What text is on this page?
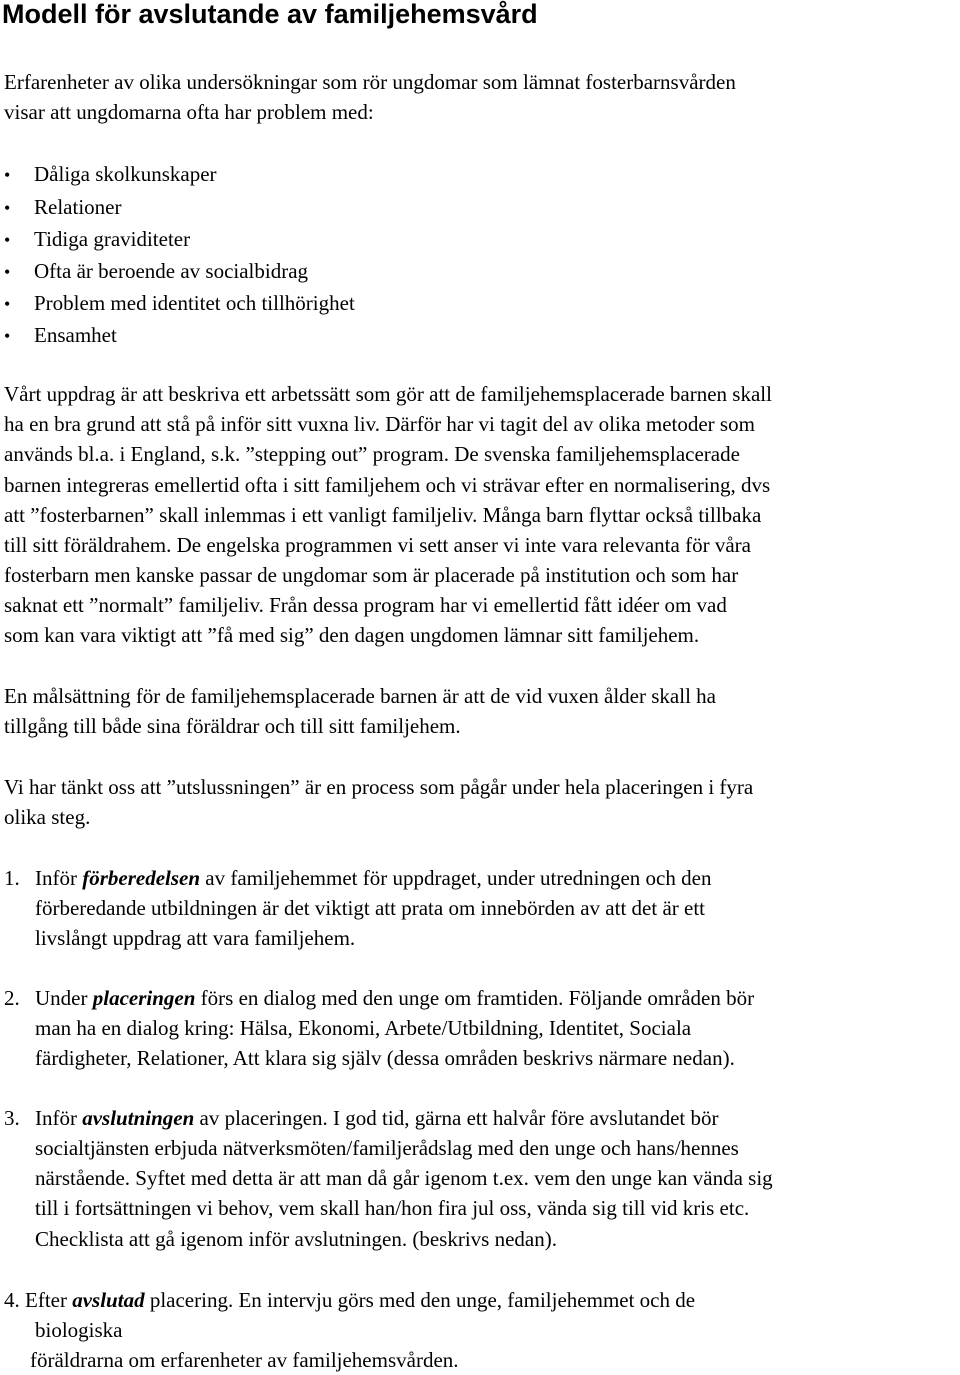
Modell för avslutande av familjehemsvård
Erfarenheter av olika undersökningar som rör ungdomar som lämnat fosterbarnsvården
visar att ungdomarna ofta har problem med:
• Dåliga skolkunskaper
• Relationer
• Tidiga graviditeter
• Ofta är beroende av socialbidrag
• Problem med identitet och tillhörighet
• Ensamhet
Vårt uppdrag är att beskriva ett arbetssätt som gör att de familjehemsplacerade barnen skall
ha en bra grund att stå på inför sitt vuxna liv. Därför har vi tagit del av olika metoder som
används bl.a. i England, s.k. ”stepping out” program. De svenska familjehemsplacerade
barnen integreras emellertid ofta i sitt familjehem och vi strävar efter en normalisering, dvs
att ”fosterbarnen” skall inlemmas i ett vanligt familjeliv. Många barn flyttar också tillbaka
till sitt föräldrahem. De engelska programmen vi sett anser vi inte vara relevanta för våra
fosterbarn men kanske passar de ungdomar som är placerade på institution och som har
saknat ett ”normalt” familjeliv. Från dessa program har vi emellertid fått idéer om vad
som kan vara viktigt att ”få med sig” den dagen ungdomen lämnar sitt familjehem.
En målsättning för de familjehemsplacerade barnen är att de vid vuxen ålder skall ha
tillgång till både sina föräldrar och till sitt familjehem.
Vi har tänkt oss att ”utslussningen” är en process som pågår under hela placeringen i fyra
olika steg.
1. Inför förberedelsen av familjehemmet för uppdraget, under utredningen och den
förberedande utbildningen är det viktigt att prata om innebörden av att det är ett
livslångt uppdrag att vara familjehem.
2. Under placeringen förs en dialog med den unge om framtiden. Följande områden bör
man ha en dialog kring: Hälsa, Ekonomi, Arbete/Utbildning, Identitet, Sociala
färdigheter, Relationer, Att klara sig själv (dessa områden beskrivs närmare nedan).
3. Inför avslutningen av placeringen. I god tid, gärna ett halvår före avslutandet bör
socialtjänsten erbjuda nätverksmöten/familjerådslag med den unge och hans/hennes
närstående. Syftet med detta är att man då går igenom t.ex. vem den unge kan vända sig
till i fortsättningen vi behov, vem skall han/hon fira jul oss, vända sig till vid kris etc.
Checklista att gå igenom inför avslutningen. (beskrivs nedan).
4. Efter avslutad placering. En intervju görs med den unge, familjehemmet och de
biologiska
föräldrarna om erfarenheter av familjehemsvården.
